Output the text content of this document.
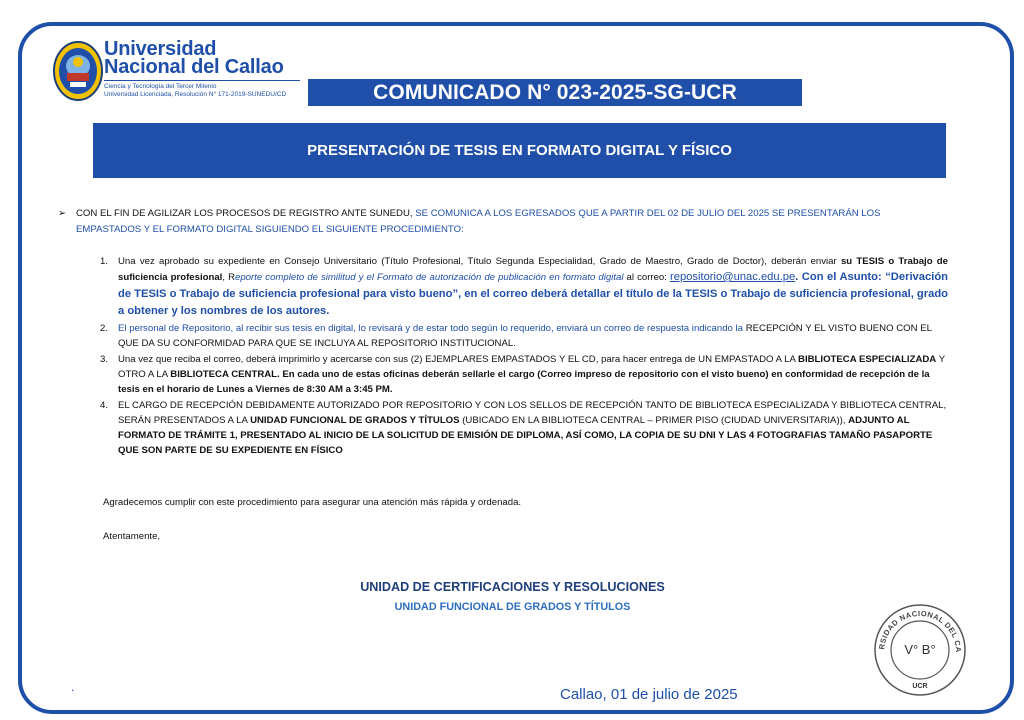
Universidad
Nacional del Callao
Ciencia y Tecnología del Tercer Milenio
Universidad Licenciada, Resolución N° 171-2019-SUNEDU/CD	COMUNICADO N° 023-2025-SG-UCR
PRESENTACIÓN DE TESIS EN FORMATO DIGITAL Y FÍSICO
➢ CON EL FIN DE AGILIZAR LOS PROCESOS DE REGISTRO ANTE SUNEDU, SE COMUNICA A LOS EGRESADOS QUE A PARTIR DEL 02 DE JULIO DEL 2025 SE PRESENTARÁN LOS EMPASTADOS Y EL FORMATO DIGITAL SIGUIENDO EL SIGUIENTE PROCEDIMIENTO:
1. Una vez aprobado su expediente en Consejo Universitario (Título Profesional, Título Segunda Especialidad, Grado de Maestro, Grado de Doctor), deberán enviar su TESIS o Trabajo de suficiencia profesional, Reporte completo de similitud y el Formato de autorización de publicación en formato digital al correo: repositorio@unac.edu.pe. Con el Asunto: “Derivación de TESIS o Trabajo de suficiencia profesional para visto bueno”, en el correo deberá detallar el título de la TESIS o Trabajo de suficiencia profesional, grado a obtener y los nombres de los autores.
2. El personal de Repositorio, al recibir sus tesis en digital, lo revisará y de estar todo según lo requerido, enviará un correo de respuesta indicando la RECEPCIÓN Y EL VISTO BUENO CON EL QUE DA SU CONFORMIDAD PARA QUE SE INCLUYA AL REPOSITORIO INSTITUCIONAL.
3. Una vez que reciba el correo, deberá imprimirlo y acercarse con sus (2) EJEMPLARES EMPASTADOS Y EL CD, para hacer entrega de UN EMPASTADO A LA BIBLIOTECA ESPECIALIZADA Y OTRO A LA BIBLIOTECA CENTRAL. En cada uno de estas oficinas deberán sellarle el cargo (Correo impreso de repositorio con el visto bueno) en conformidad de recepción de la tesis en el horario de Lunes a Viernes de 8:30 AM a 3:45 PM.
4. EL CARGO DE RECEPCIÓN DEBIDAMENTE AUTORIZADO POR REPOSITORIO Y CON LOS SELLOS DE RECEPCIÓN TANTO DE BIBLIOTECA ESPECIALIZADA Y BIBLIOTECA CENTRAL, SERÁN PRESENTADOS A LA UNIDAD FUNCIONAL DE GRADOS Y TÍTULOS (UBICADO EN LA BIBLIOTECA CENTRAL – PRIMER PISO (CIUDAD UNIVERSITARIA)), ADJUNTO AL FORMATO DE TRÁMITE 1, PRESENTADO AL INICIO DE LA SOLICITUD DE EMISIÓN DE DIPLOMA, ASÍ COMO, LA COPIA DE SU DNI Y LAS 4 FOTOGRAFIAS TAMAÑO PASAPORTE QUE SON PARTE DE SU EXPEDIENTE EN FÍSICO
Agradecemos cumplir con este procedimiento para asegurar una atención más rápida y ordenada.
Atentamente,
UNIDAD DE CERTIFICACIONES Y RESOLUCIONES
UNIDAD FUNCIONAL DE GRADOS Y TÍTULOS
.	Callao, 01 de julio de 2025
RSIDAD NACIONAL DEL CA
V° B°
UCR
